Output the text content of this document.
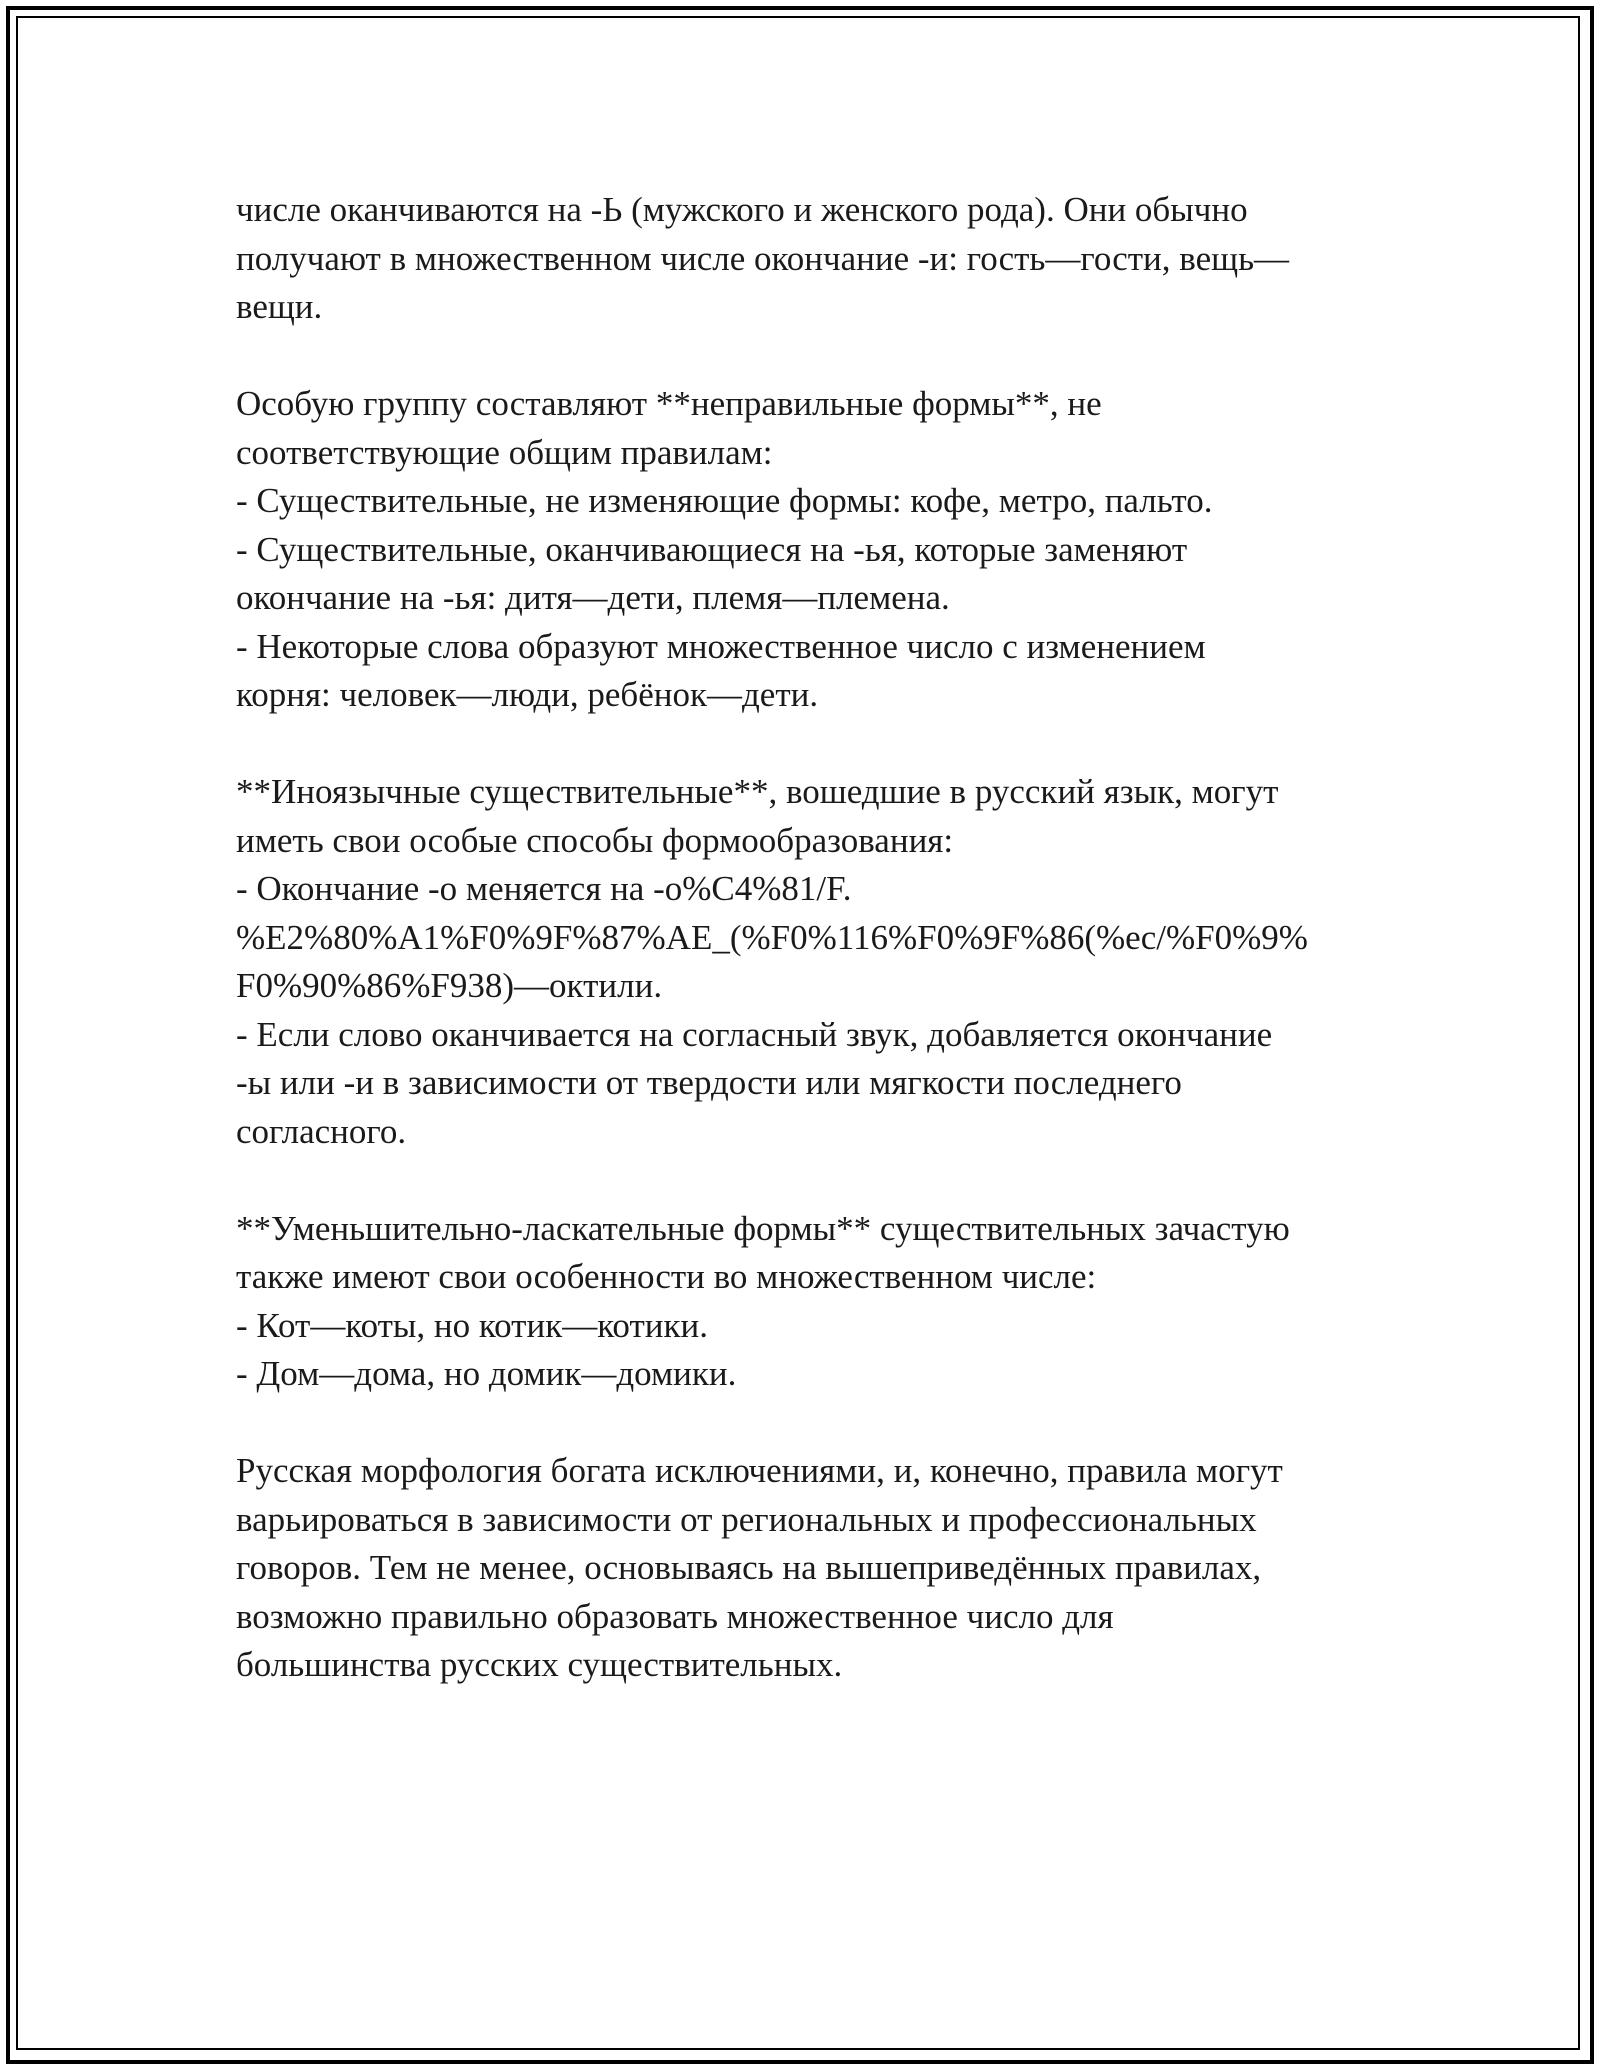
числе оканчиваются на -Ь (мужского и женского рода). Они обычно
получают в множественном числе окончание -и: гость—гости, вещь—
вещи.
Особую группу составляют **неправильные формы**, не
соответствующие общим правилам:
- Существительные, не изменяющие формы: кофе, метро, пальто.
- Существительные, оканчивающиеся на -ья, которые заменяют
окончание на -ья: дитя—дети, племя—племена.
- Некоторые слова образуют множественное число с изменением
корня: человек—люди, ребёнок—дети.
**Иноязычные существительные**, вошедшие в русский язык, могут
иметь свои особые способы формообразования:
- Окончание -о меняется на -о%C4%81/F.
%E2%80%A1%F0%9F%87%AE_(%F0%116%F0%9F%86(%ec/%F0%9%
F0%90%86%F938)—октили.
- Если слово оканчивается на согласный звук, добавляется окончание
-ы или -и в зависимости от твердости или мягкости последнего
согласного.
**Уменьшительно-ласкательные формы** существительных зачастую
также имеют свои особенности во множественном числе:
- Кот—коты, но котик—котики.
- Дом—дома, но домик—домики.
Русская морфология богата исключениями, и, конечно, правила могут
варьироваться в зависимости от региональных и профессиональных
говоров. Тем не менее, основываясь на вышеприведённых правилах,
возможно правильно образовать множественное число для
большинства русских существительных.
